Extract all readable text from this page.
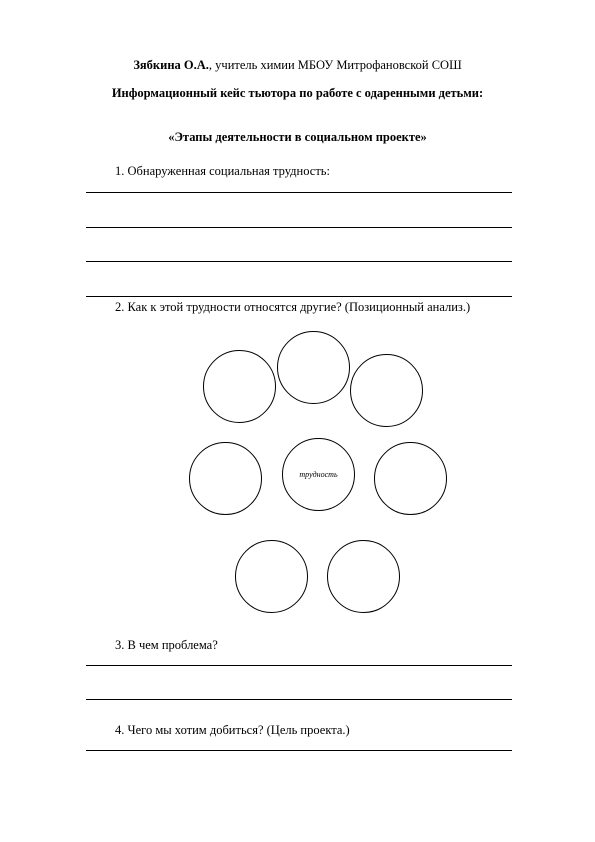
Зябкина О.А., учитель химии МБОУ Митрофановской СОШ
Информационный кейс тьютора по работе с одаренными детьми:
«Этапы деятельности в социальном проекте»
1. Обнаруженная социальная трудность:
2. Как к этой трудности относятся другие? (Позиционный анализ.)
трудность
3. В чем проблема?
4. Чего мы хотим добиться? (Цель проекта.)
